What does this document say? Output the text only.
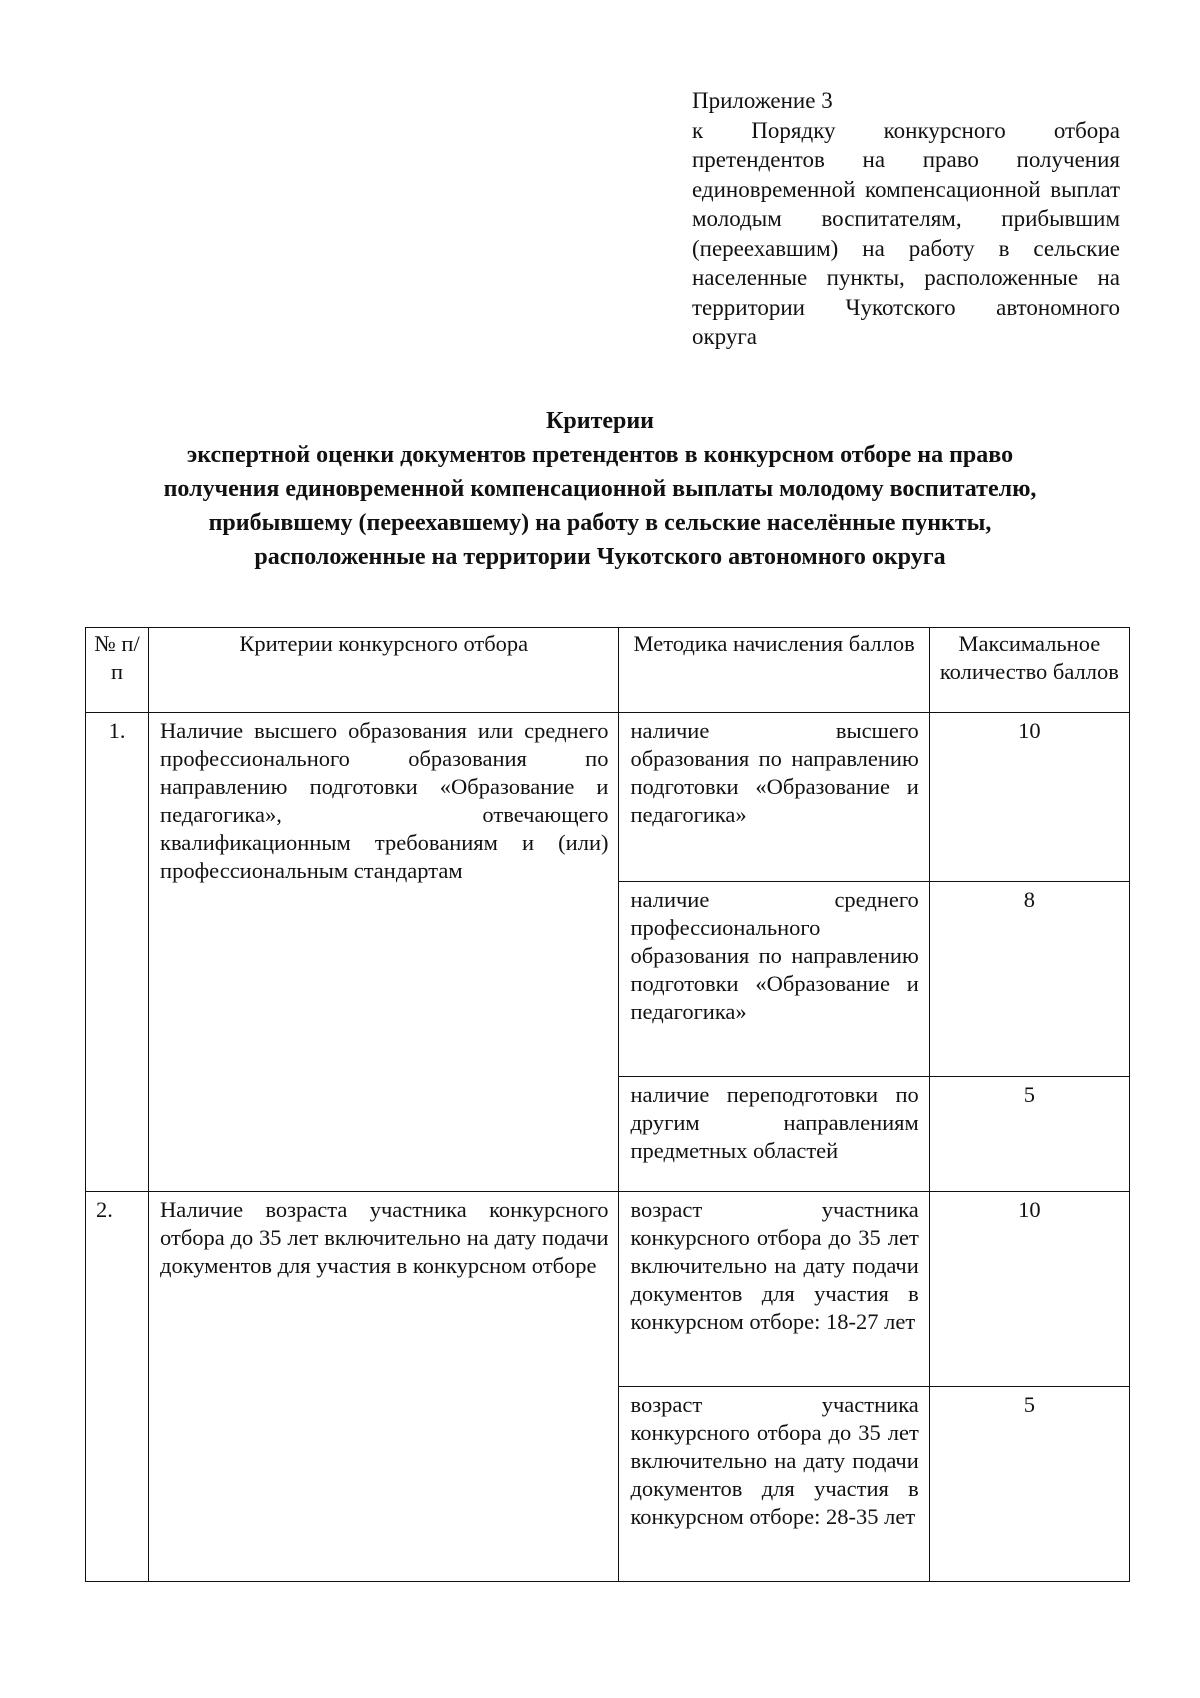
Приложение 3
к Порядку конкурсного отбора претендентов на право получения единовременной компенсационной выплат молодым воспитателям, прибывшим (переехавшим) на работу в сельские населенные пункты, расположенные на территории Чукотского автономного округа
Критерии
экспертной оценки документов претендентов в конкурсном отборе на право получения единовременной компенсационной выплаты молодому воспитателю, прибывшему (переехавшему) на работу в сельские населённые пункты, расположенные на территории Чукотского автономного округа
№ п/п	Критерии конкурсного отбора	Методика начисления баллов	Максимальное количество баллов

1.	Наличие высшего образования или среднего профессионального образования по направлению подготовки «Образование и педагогика», отвечающего квалификационным требованиям и (или) профессиональным стандартам	наличие высшего образования по направлению подготовки «Образование и педагогика»	10

		наличие среднего профессионального образования по направлению подготовки «Образование и педагогика»	8

		наличие переподготовки по другим направлениям предметных областей	5

2.	Наличие возраста участника конкурсного отбора до 35 лет включительно на дату подачи документов для участия в конкурсном отборе	возраст участника конкурсного отбора до 35 лет включительно на дату подачи документов для участия в конкурсном отборе: 18-27 лет	10

		возраст участника конкурсного отбора до 35 лет включительно на дату подачи документов для участия в конкурсном отборе: 28-35 лет	5
